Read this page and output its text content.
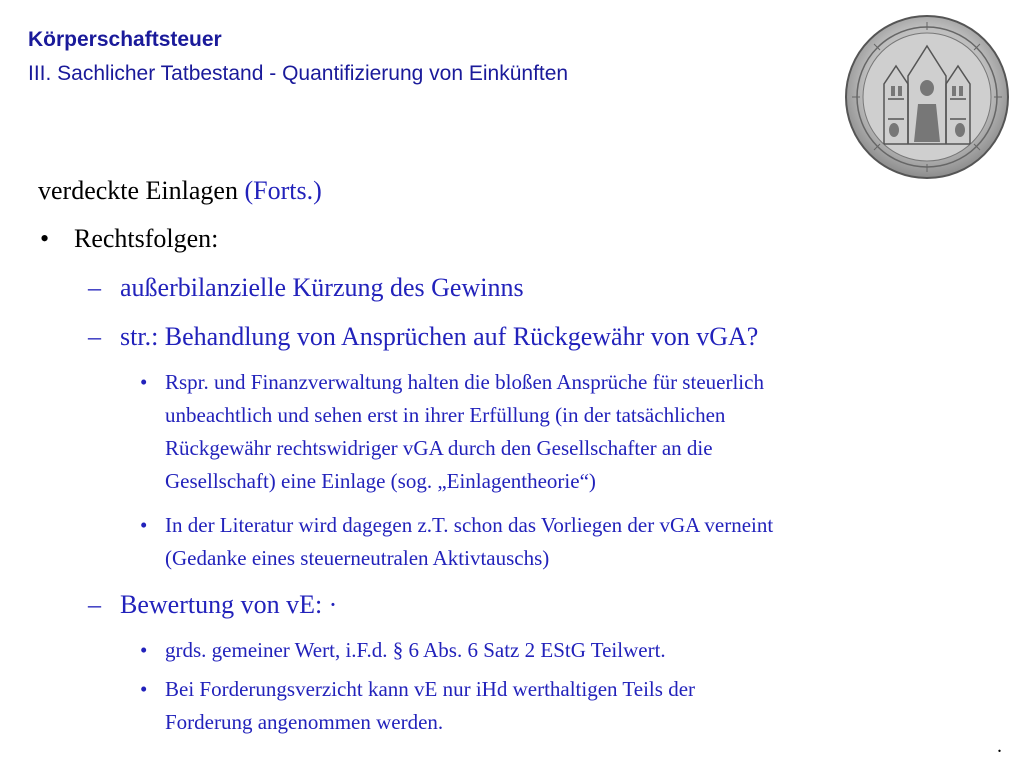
Körperschaftsteuer
III. Sachlicher Tatbestand - Quantifizierung von Einkünften
verdeckte Einlagen (Forts.)
• Rechtsfolgen:
– außerbilanzielle Kürzung des Gewinns
– str.: Behandlung von Ansprüchen auf Rückgewähr von vGA?
• Rspr. und Finanzverwaltung halten die bloßen Ansprüche für steuerlich
unbeachtlich und sehen erst in ihrer Erfüllung (in der tatsächlichen
Rückgewähr rechtswidriger vGA durch den Gesellschafter an die
Gesellschaft) eine Einlage (sog. „Einlagentheorie“)
• In der Literatur wird dagegen z.T. schon das Vorliegen der vGA verneint
(Gedanke eines steuerneutralen Aktivtauschs)
– Bewertung von vE: ·
• grds. gemeiner Wert, i.F.d. § 6 Abs. 6 Satz 2 EStG Teilwert.
• Bei Forderungsverzicht kann vE nur iHd werthaltigen Teils der
Forderung angenommen werden.
.
